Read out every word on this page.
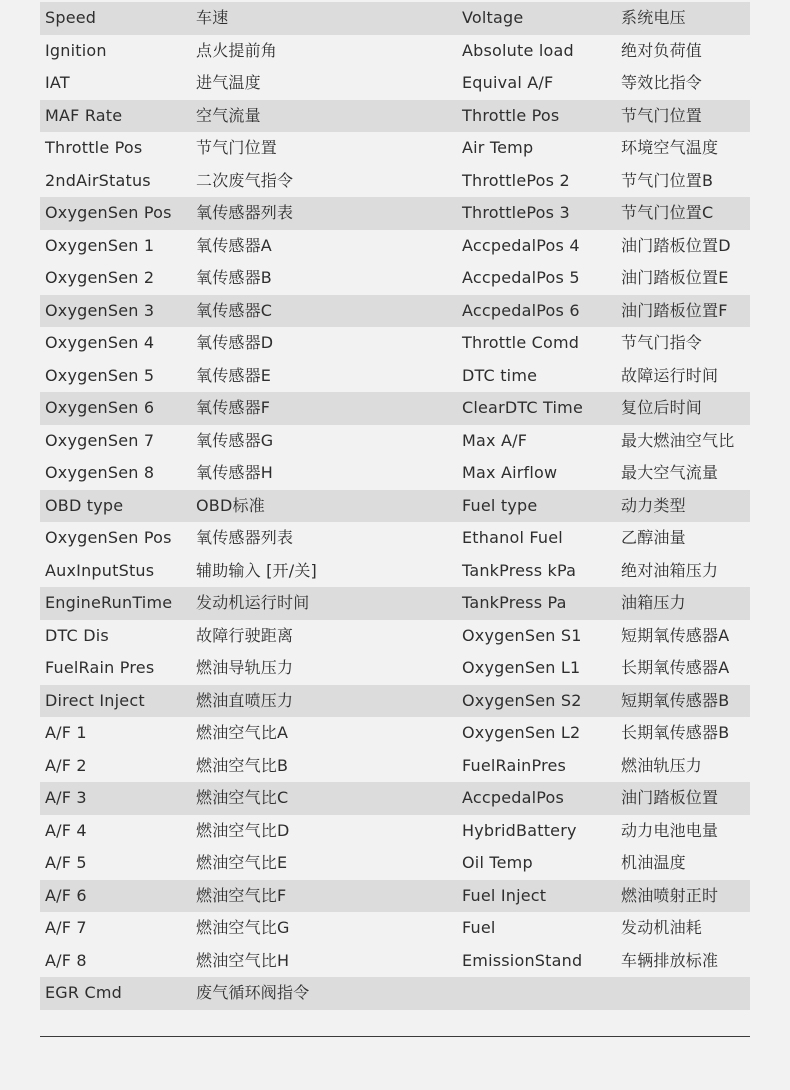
Speed	车速	Voltage	系统电压
Ignition	点火提前角	Absolute load	绝对负荷值
IAT	进气温度	Equival A/F	等效比指令
MAF Rate	空气流量	Throttle Pos	节气门位置
Throttle Pos	节气门位置	Air Temp	环境空气温度
2ndAirStatus	二次废气指令	ThrottlePos 2	节气门位置B
OxygenSen Pos 氧传感器列表	ThrottlePos 3	节气门位置C
OxygenSen 1	氧传感器A	AccpedalPos 4	油门踏板位置D
OxygenSen 2	氧传感器B	AccpedalPos 5	油门踏板位置E
OxygenSen 3	氧传感器C	AccpedalPos 6	油门踏板位置F
OxygenSen 4	氧传感器D	Throttle Comd	节气门指令
OxygenSen 5	氧传感器E	DTC time	故障运行时间
OxygenSen 6	氧传感器F	ClearDTC Time 复位后时间
OxygenSen 7	氧传感器G	Max A/F	最大燃油空气比
OxygenSen 8	氧传感器H	Max Airflow	最大空气流量
OBD type	OBD标准	Fuel type	动力类型
OxygenSen Pos 氧传感器列表	Ethanol Fuel	乙醇油量
AuxInputStus	辅助输入 [开/关]	TankPress kPa	绝对油箱压力
EngineRunTime 发动机运行时间	TankPress Pa	油箱压力
DTC Dis	故障行驶距离	OxygenSen S1 短期氧传感器A
FuelRain Pres	燃油导轨压力	OxygenSen L1	长期氧传感器A
Direct Inject	燃油直喷压力	OxygenSen S2 短期氧传感器B
A/F 1	燃油空气比A	OxygenSen L2	长期氧传感器B
A/F 2	燃油空气比B	FuelRainPres	燃油轨压力
A/F 3	燃油空气比C	AccpedalPos	油门踏板位置
A/F 4	燃油空气比D	HybridBattery	动力电池电量
A/F 5	燃油空气比E	Oil Temp	机油温度
A/F 6	燃油空气比F	Fuel Inject	燃油喷射正时
A/F 7	燃油空气比G	Fuel	发动机油耗
A/F 8	燃油空气比H	EmissionStand 车辆排放标准
EGR Cmd	废气循环阀指令
